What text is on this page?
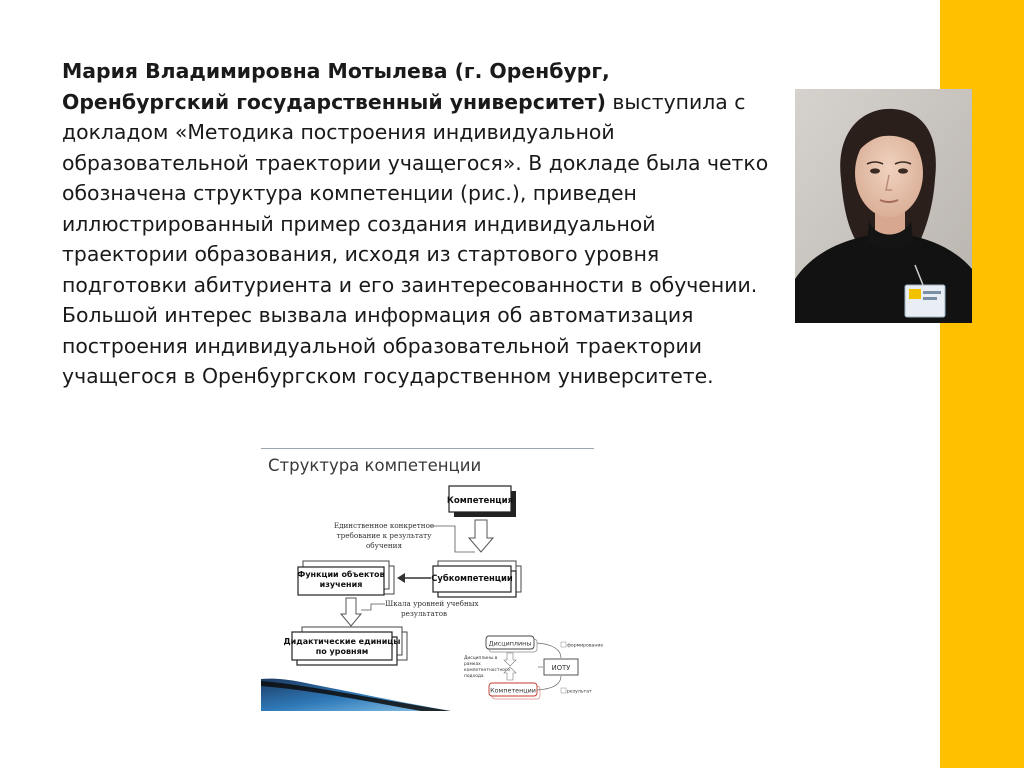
Мария Владимировна Мотылева (г. Оренбург, Оренбургский государственный университет) выступила с докладом «Методика построения индивидуальной образовательной траектории учащегося». В докладе была четко обозначена структура компетенции (рис.), приведен иллюстрированный пример создания индивидуальной траектории образования, исходя из стартового уровня подготовки абитуриента и его заинтересованности в обучении. Большой интерес вызвала информация об автоматизация построения индивидуальной образовательной траектории учащегося в Оренбургском государственном университете.

Структура компетенции
Компетенция
Единственное конкретное
требование к результату
обучения
Субкомпетенции
Функции объектов
изучения
Шкала уровней учебных
результатов
Дидактические единицы
по уровням
Дисциплины
Компетенции
ИОТУ
формирование
результат
Дисциплины в
рамках
компетентностного
подхода
